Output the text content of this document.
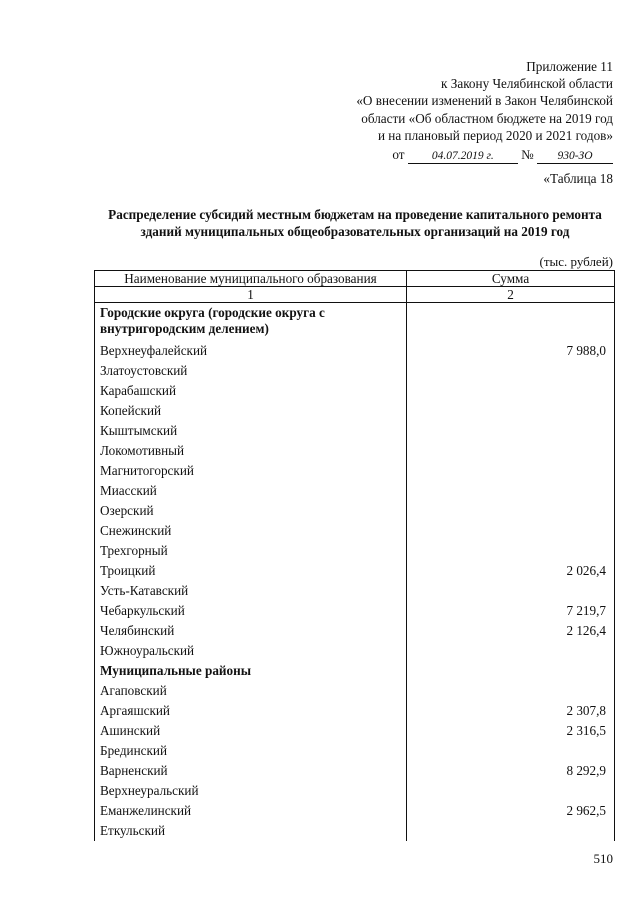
Приложение 11
к Закону Челябинской области
«О внесении изменений в Закон Челябинской
области «Об областном бюджете на 2019 год
и на плановый период 2020 и 2021 годов»
от 04.07.2019 г. № 930-ЗО
«Таблица 18
Распределение субсидий местным бюджетам на проведение капитального ремонта зданий муниципальных общеобразовательных организаций на 2019 год
(тыс. рублей)
Наименование муниципального образования	Сумма
1	2
Городские округа (городские округа с внутригородским делением)	
Верхнеуфалейский	7 988,0
Златоустовский	
Карабашский	
Копейский	
Кыштымский	
Локомотивный	
Магнитогорский	
Миасский	
Озерский	
Снежинский	
Трехгорный	
Троицкий	2 026,4
Усть-Катавский	
Чебаркульский	7 219,7
Челябинский	2 126,4
Южноуральский	
Муниципальные районы	
Агаповский	
Аргаяшский	2 307,8
Ашинский	2 316,5
Брединский	
Варненский	8 292,9
Верхнеуральский	
Еманжелинский	2 962,5
Еткульский	
510
